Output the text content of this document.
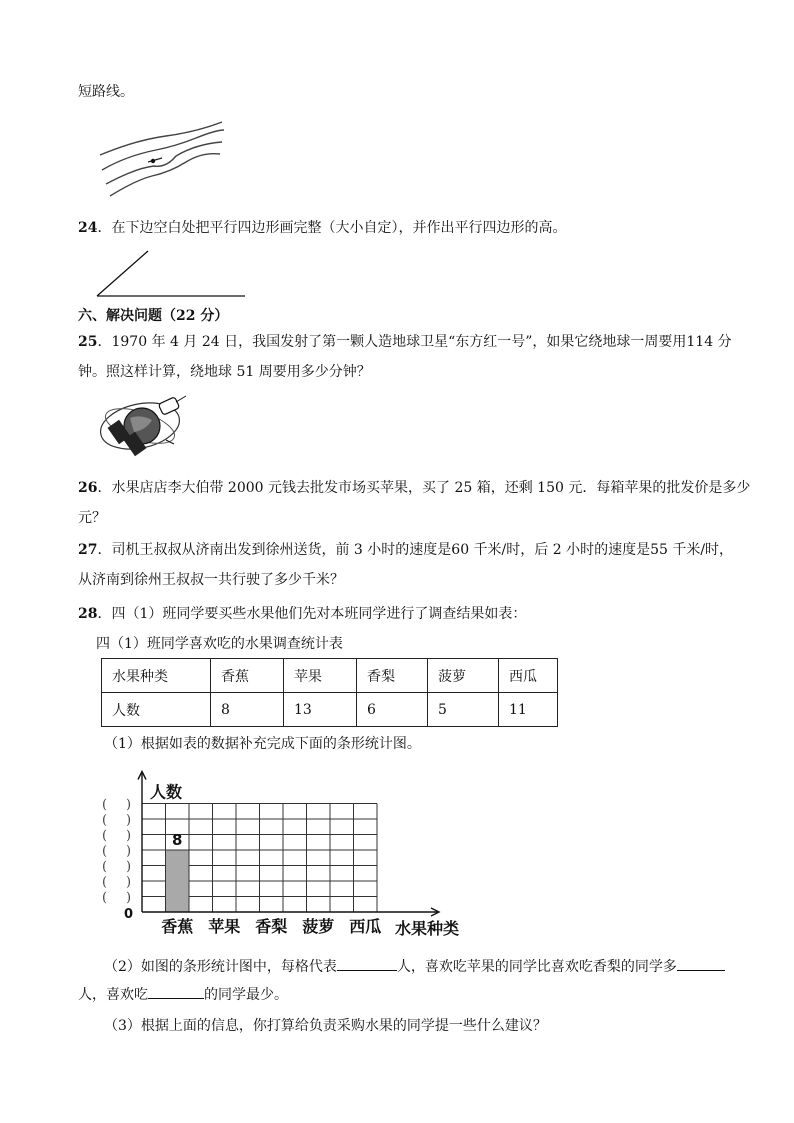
短路线。
24．在下边空白处把平行四边形画完整（大小自定），并作出平行四边形的高。
六、解决问题（22 分）
25．1970 年 4 月 24 日，我国发射了第一颗人造地球卫星“东方红一号”，如果它绕地球一周要用114 分
钟。照这样计算，绕地球 51 周要用多少分钟？
26．水果店店李大伯带 2000 元钱去批发市场买苹果，买了 25 箱，还剩 150 元．每箱苹果的批发价是多少
元？
27．司机王叔叔从济南出发到徐州送货，前 3 小时的速度是60 千米/时，后 2 小时的速度是55 千米/时，
从济南到徐州王叔叔一共行驶了多少千米？
28．四（1）班同学要买些水果他们先对本班同学进行了调查结果如表：
四（1）班同学喜欢吃的水果调查统计表
水果种类	香蕉	苹果	香梨	菠萝	西瓜
人数	8	13	6	5	11
（1）根据如表的数据补充完成下面的条形统计图。
8
( )
( )
( )
( )
( )
( )
( )
人数
0
香蕉 苹果 香梨 菠萝 西瓜 水果种类
（2）如图的条形统计图中，每格代表	人，喜欢吃苹果的同学比喜欢吃香梨的同学多
人，喜欢吃	的同学最少。
（3）根据上面的信息，你打算给负责采购水果的同学提一些什么建议？
